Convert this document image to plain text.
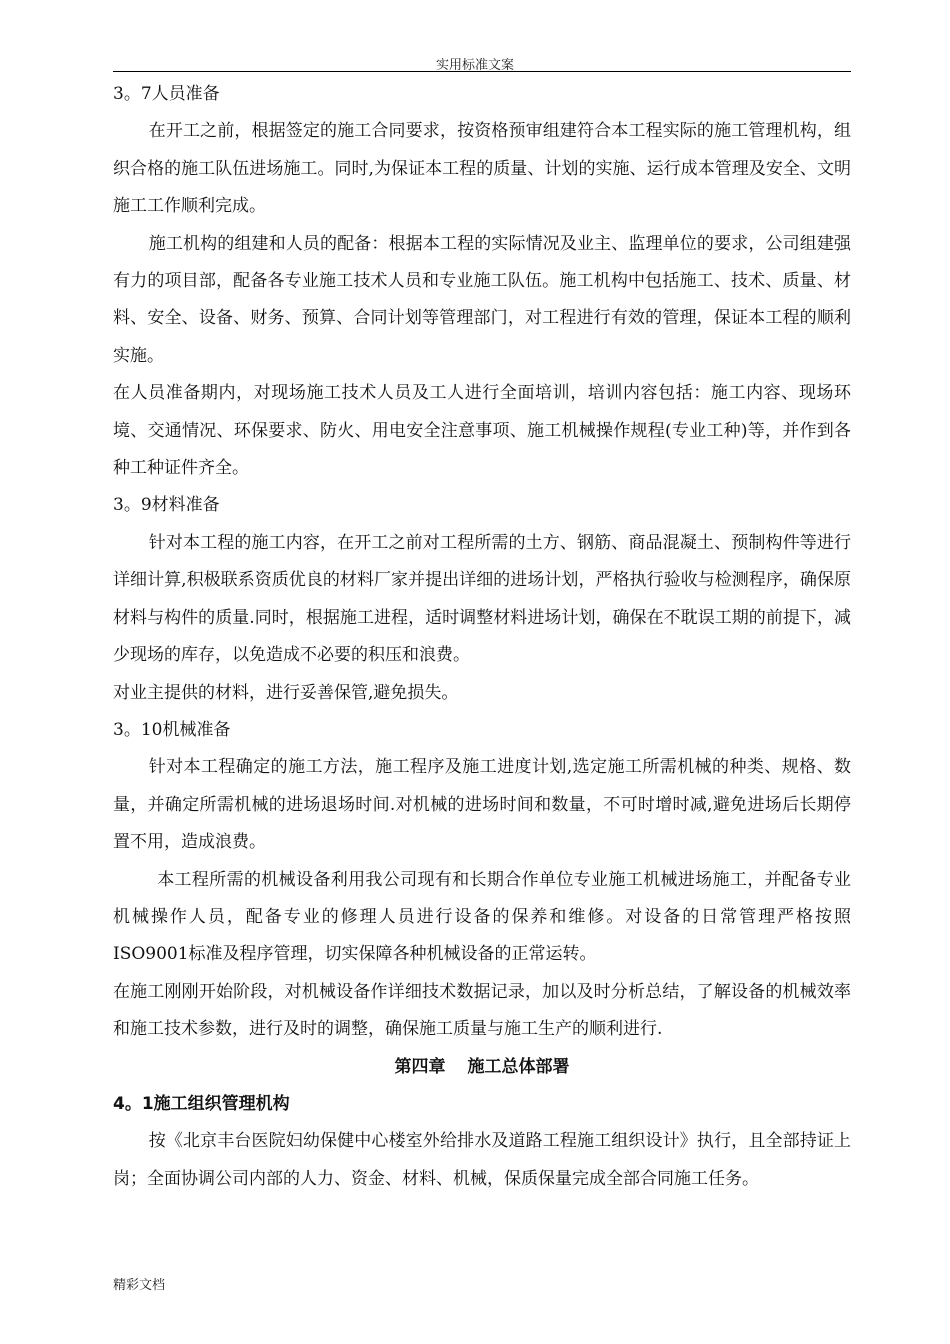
实用标准文案

3。7人员准备

在开工之前，根据签定的施工合同要求，按资格预审组建符合本工程实际的施工管理机构，组织合格的施工队伍进场施工。同时,为保证本工程的质量、计划的实施、运行成本管理及安全、文明施工工作顺利完成。

施工机构的组建和人员的配备：根据本工程的实际情况及业主、监理单位的要求，公司组建强有力的项目部，配备各专业施工技术人员和专业施工队伍。施工机构中包括施工、技术、质量、材料、安全、设备、财务、预算、合同计划等管理部门，对工程进行有效的管理，保证本工程的顺利实施。

在人员准备期内，对现场施工技术人员及工人进行全面培训，培训内容包括：施工内容、现场环境、交通情况、环保要求、防火、用电安全注意事项、施工机械操作规程(专业工种)等，并作到各种工种证件齐全。

3。9材料准备

针对本工程的施工内容，在开工之前对工程所需的土方、钢筋、商品混凝土、预制构件等进行详细计算,积极联系资质优良的材料厂家并提出详细的进场计划，严格执行验收与检测程序，确保原材料与构件的质量.同时，根据施工进程，适时调整材料进场计划，确保在不耽误工期的前提下，减少现场的库存，以免造成不必要的积压和浪费。

对业主提供的材料，进行妥善保管,避免损失。

3。10机械准备

针对本工程确定的施工方法，施工程序及施工进度计划,选定施工所需机械的种类、规格、数量，并确定所需机械的进场退场时间.对机械的进场时间和数量，不可时增时减,避免进场后长期停置不用，造成浪费。

本工程所需的机械设备利用我公司现有和长期合作单位专业施工机械进场施工，并配备专业机械操作人员，配备专业的修理人员进行设备的保养和维修。对设备的日常管理严格按照ISO9001标准及程序管理，切实保障各种机械设备的正常运转。

在施工刚刚开始阶段，对机械设备作详细技术数据记录，加以及时分析总结，了解设备的机械效率和施工技术参数，进行及时的调整，确保施工质量与施工生产的顺利进行.

第四章 施工总体部署

4。1施工组织管理机构

按《北京丰台医院妇幼保健中心楼室外给排水及道路工程施工组织设计》执行，且全部持证上岗；全面协调公司内部的人力、资金、材料、机械，保质保量完成全部合同施工任务。

精彩文档
